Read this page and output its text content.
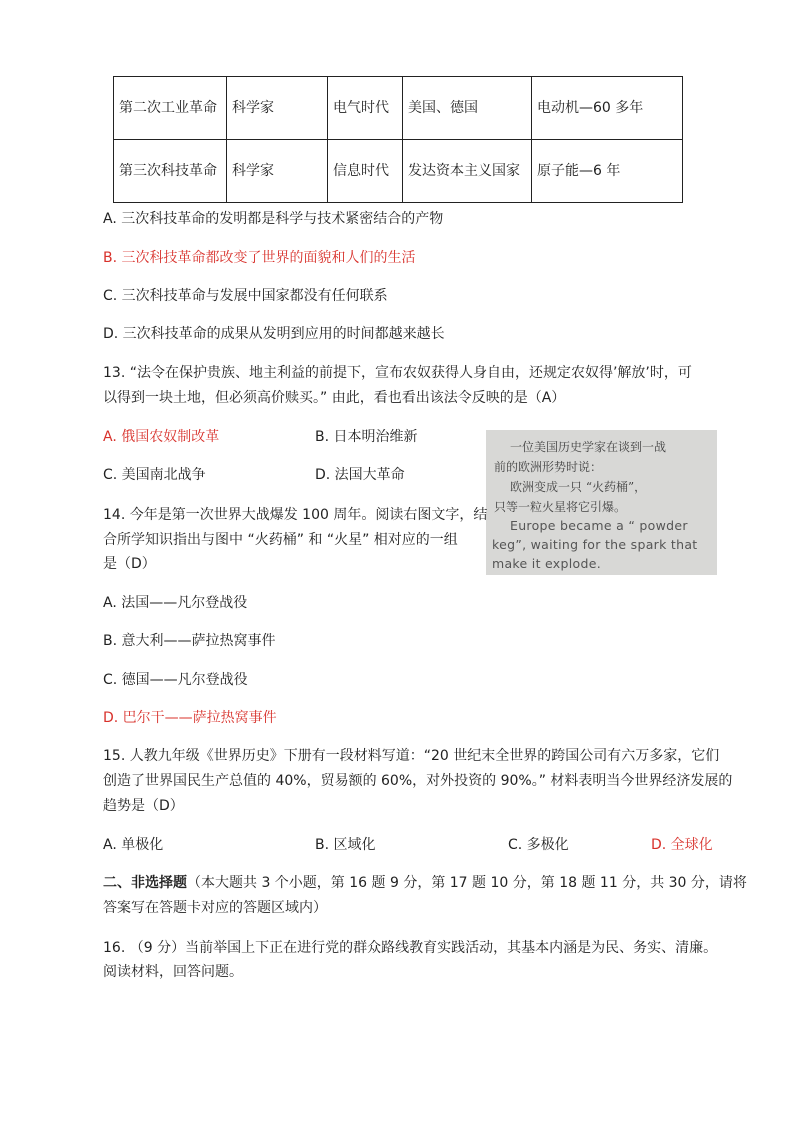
第二次工业革命	科学家	电气时代	美国、德国	电动机—60 多年
第三次科技革命	科学家	信息时代	发达资本主义国家	原子能—6 年
A. 三次科技革命的发明都是科学与技术紧密结合的产物
B. 三次科技革命都改变了世界的面貌和人们的生活
C. 三次科技革命与发展中国家都没有任何联系
D. 三次科技革命的成果从发明到应用的时间都越来越长
13. “法令在保护贵族、地主利益的前提下，宣布农奴获得人身自由，还规定农奴得’解放’时，可
以得到一块土地，但必须高价赎买。” 由此，看也看出该法令反映的是（A）
A. 俄国农奴制改革	B. 日本明治维新
C. 美国南北战争	D. 法国大革命
一位美国历史学家在谈到一战
前的欧洲形势时说：
欧洲变成一只 “火药桶”，
只等一粒火星将它引爆。
Europe became a “ powder
keg”, waiting for the spark that
make it explode.
14. 今年是第一次世界大战爆发 100 周年。阅读右图文字，结
合所学知识指出与图中 “火药桶” 和 “火星” 相对应的一组
是（D）
A. 法国——凡尔登战役
B. 意大利——萨拉热窝事件
C. 德国——凡尔登战役
D. 巴尔干——萨拉热窝事件
15. 人教九年级《世界历史》下册有一段材料写道：“20 世纪末全世界的跨国公司有六万多家，它们
创造了世界国民生产总值的 40%，贸易额的 60%，对外投资的 90%。” 材料表明当今世界经济发展的
趋势是（D）
A. 单极化	B. 区域化	C. 多极化	D. 全球化
二、非选择题（本大题共 3 个小题，第 16 题 9 分，第 17 题 10 分，第 18 题 11 分，共 30 分，请将
答案写在答题卡对应的答题区域内）
16. （9 分）当前举国上下正在进行党的群众路线教育实践活动，其基本内涵是为民、务实、清廉。
阅读材料，回答问题。
